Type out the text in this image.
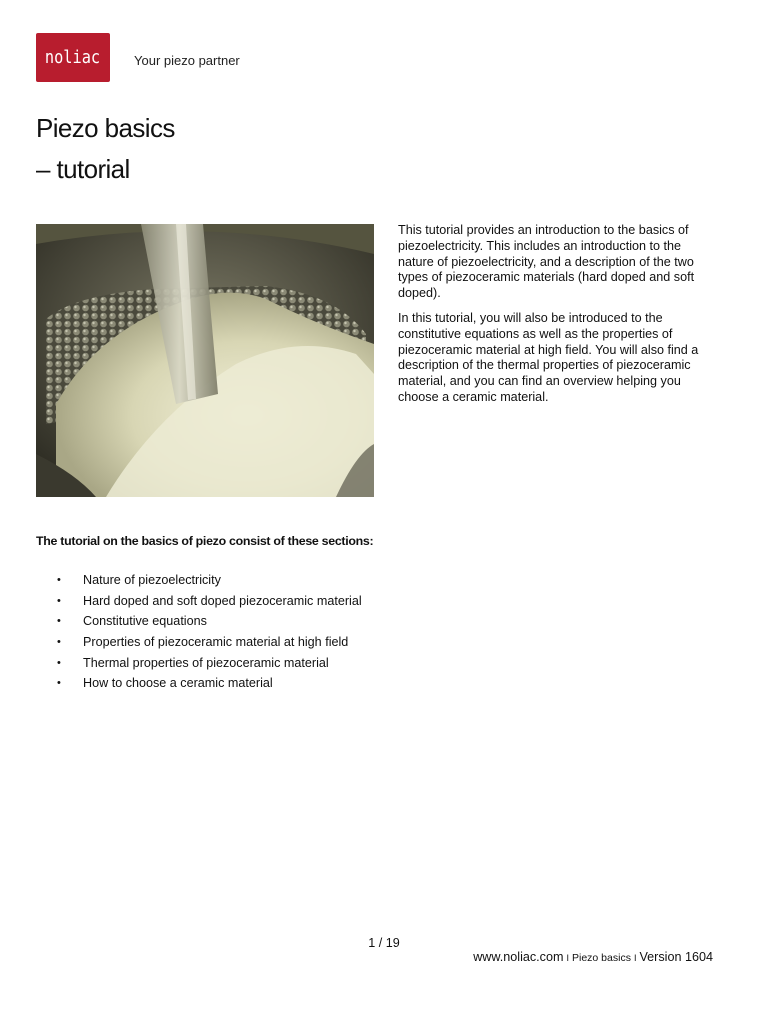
noliac	Your piezo partner
Piezo basics
– tutorial

This tutorial provides an introduction to the basics of piezoelectricity. This includes an introduction to the nature of piezoelectricity, and a description of the two types of piezoceramic materials (hard doped and soft doped).

In this tutorial, you will also be introduced to the constitutive equations as well as the properties of piezoceramic material at high field. You will also find a description of the thermal properties of piezoceramic material, and you can find an overview helping you choose a ceramic material.

The tutorial on the basics of piezo consist of these sections:
•	Nature of piezoelectricity
•	Hard doped and soft doped piezoceramic material
•	Constitutive equations
•	Properties of piezoceramic material at high field
•	Thermal properties of piezoceramic material
•	How to choose a ceramic material
1 / 19
www.noliac.com I Piezo basics I Version 1604
